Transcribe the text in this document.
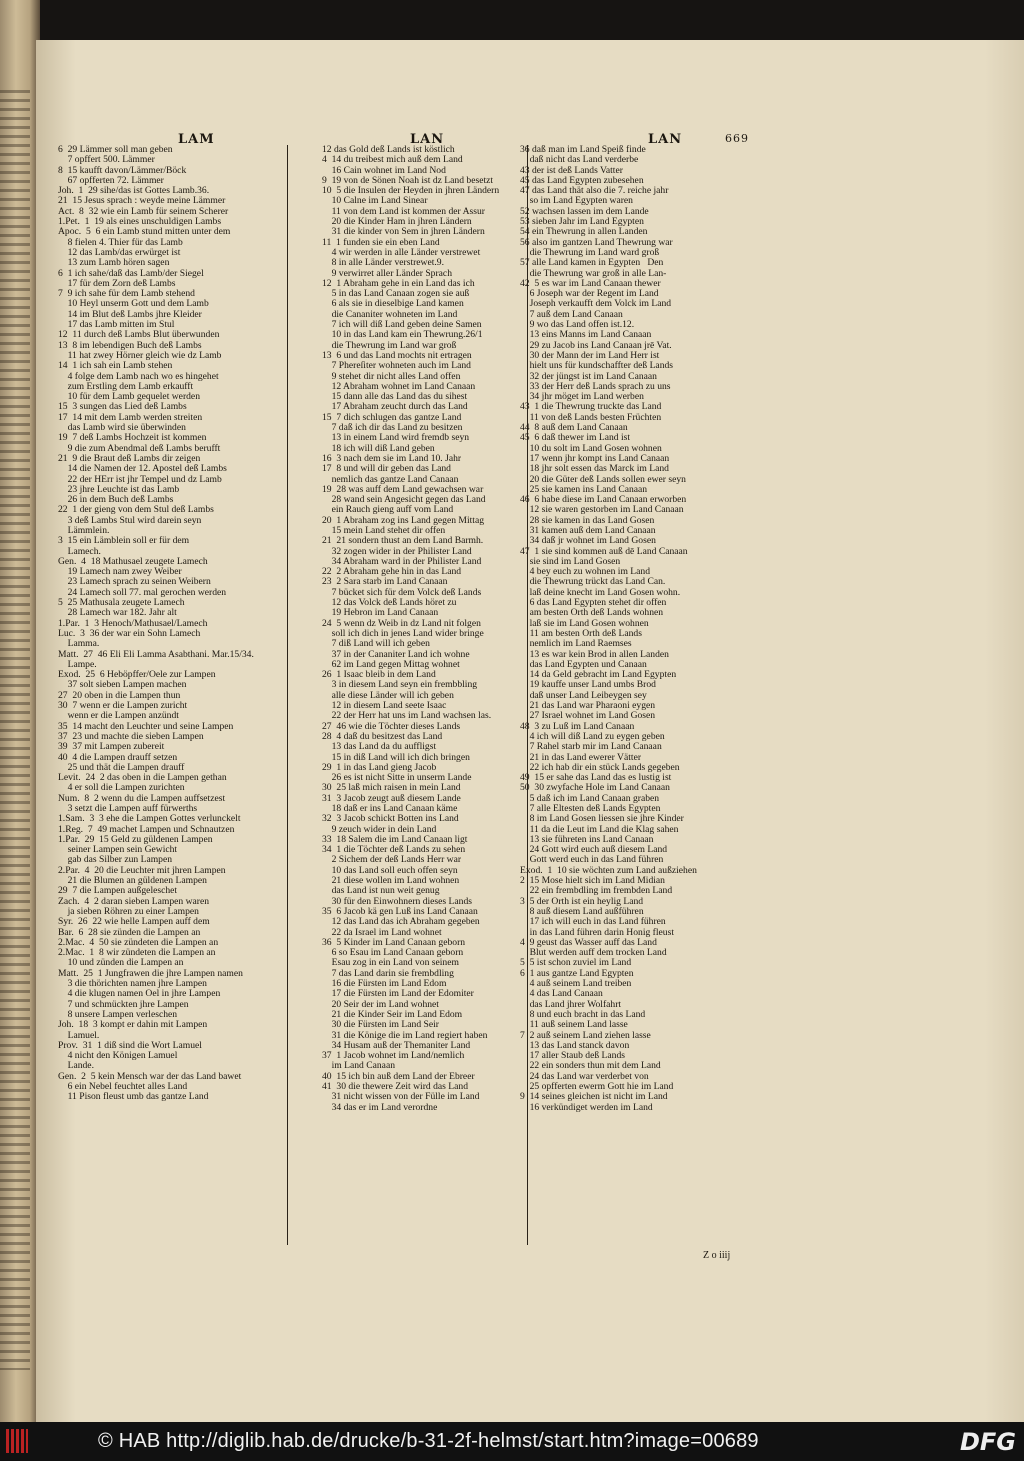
LAM	LAN	LAN	669
6  29 Lämmer soll man geben
7 opffert 500. Lämmer
8  15 kaufft davon/Lämmer/Böck
67 opfferten 72. Lämmer
Joh.  1  29 sihe/das ist Gottes Lamb.36.
21  15 Jesus sprach : weyde meine Lämmer
Act.  8  32 wie ein Lamb für seinem Scherer
1.Pet.  1  19 als eines unschuldigen Lambs
Apoc.  5  6 ein Lamb stund mitten unter dem
8 fielen 4. Thier für das Lamb
12 das Lamb/das erwürget ist
13 zum Lamb hören sagen
6  1 ich sahe/daß das Lamb/der Siegel
17 für dem Zorn deß Lambs
7  9 ich sahe für dem Lamb stehend
10 Heyl unserm Gott und dem Lamb
14 im Blut deß Lambs jhre Kleider
17 das Lamb mitten im Stul
12  11 durch deß Lambs Blut überwunden
13  8 im lebendigen Buch deß Lambs
11 hat zwey Hörner gleich wie dz Lamb
14  1 ich sah ein Lamb stehen
4 folge dem Lamb nach wo es hingehet
zum Erstling dem Lamb erkaufft
10 für dem Lamb gequelet werden
15  3 sungen das Lied deß Lambs
17  14 mit dem Lamb werden streiten
das Lamb wird sie überwinden
19  7 deß Lambs Hochzeit ist kommen
9 die zum Abendmal deß Lambs berufft
21  9 die Braut deß Lambs dir zeigen
14 die Namen der 12. Apostel deß Lambs
22 der HErr ist jhr Tempel und dz Lamb
23 jhre Leuchte ist das Lamb
26 in dem Buch deß Lambs
22  1 der gieng von dem Stul deß Lambs
3 deß Lambs Stul wird darein seyn
Lämmlein.
3  15 ein Lämblein soll er für dem
Lamech.
Gen.  4  18 Mathusael zeugete Lamech
19 Lamech nam zwey Weiber
23 Lamech sprach zu seinen Weibern
24 Lamech soll 77. mal gerochen werden
5  25 Mathusala zeugete Lamech
28 Lamech war 182. Jahr alt
1.Par.  1  3 Henoch/Mathusael/Lamech
Luc.  3  36 der war ein Sohn Lamech
Lamma.
Matt.  27  46 Eli Eli Lamma Asabthani. Mar.15/34.
Lampe.
Exod.  25  6 Heböpffer/Oele zur Lampen
37 solt sieben Lampen machen
27  20 oben in die Lampen thun
30  7 wenn er die Lampen zuricht
wenn er die Lampen anzündt
35  14 macht den Leuchter und seine Lampen
37  23 und machte die sieben Lampen
39  37 mit Lampen zubereit
40  4 die Lampen drauff setzen
25 und thät die Lampen drauff
Levit.  24  2 das oben in die Lampen gethan
4 er soll die Lampen zurichten
Num.  8  2 wenn du die Lampen auffsetzest
3 setzt die Lampen auff fürwerths
1.Sam.  3  3 ehe die Lampen Gottes verlunckelt
1.Reg.  7  49 machet Lampen und Schnautzen
1.Par.  29  15 Geld zu güldenen Lampen
seiner Lampen sein Gewicht
gab das Silber zun Lampen
2.Par.  4  20 die Leuchter mit jhren Lampen
21 die Blumen an güldenen Lampen
29  7 die Lampen außgeleschet
Zach.  4  2 daran sieben Lampen waren
ja sieben Röhren zu einer Lampen
Syr.  26  22 wie helle Lampen auff dem
Bar.  6  28 sie zünden die Lampen an
2.Mac.  4  50 sie zündeten die Lampen an
2.Mac.  1  8 wir zündeten die Lampen an
10 und zünden die Lampen an
Matt.  25  1 Jungfrawen die jhre Lampen namen
3 die thörichten namen jhre Lampen
4 die klugen namen Oel in jhre Lampen
7 und schmückten jhre Lampen
8 unsere Lampen verleschen
Joh.  18  3 kompt er dahin mit Lampen
Lamuel.
Prov.  31  1 diß sind die Wort Lamuel
4 nicht den Königen Lamuel
Lande.
Gen.  2  5 kein Mensch war der das Land bawet
6 ein Nebel feuchtet alles Land
11 Pison fleust umb das gantze Land
12 das Gold deß Lands ist köstlich
4  14 du treibest mich auß dem Land
16 Cain wohnet im Land Nod
9  19 von de Sönen Noah ist dz Land besetzt
10  5 die Insulen der Heyden in jhren Ländern
10 Calne im Land Sinear
11 von dem Land ist kommen der Assur
20 die Kinder Ham in jhren Ländern
31 die kinder von Sem in jhren Ländern
11  1 funden sie ein eben Land
4 wir werden in alle Länder verstrewet
8 in alle Länder verstrewet.9.
9 verwirret aller Länder Sprach
12  1 Abraham gehe in ein Land das ich
5 in das Land Canaan zogen sie auß
6 als sie in dieselbige Land kamen
die Cananiter wohneten im Land
7 ich will diß Land geben deine Samen
10 in das Land kam ein Thewrung.26/1
die Thewrung im Land war groß
13  6 und das Land mochts nit ertragen
7 Phereſiter wohneten auch im Land
9 stehet dir nicht alles Land offen
12 Abraham wohnet im Land Canaan
15 dann alle das Land das du sihest
17 Abraham zeucht durch das Land
15  7 dich schlugen das gantze Land
7 daß ich dir das Land zu besitzen
13 in einem Land wird fremdb seyn
18 ich will diß Land geben
16  3 nach dem sie im Land 10. Jahr
17  8 und will dir geben das Land
nemlich das gantze Land Canaan
19  28 was auff dem Land gewachsen war
28 wand sein Angesicht gegen das Land
ein Rauch gieng auff vom Land
20  1 Abraham zog ins Land gegen Mittag
15 mein Land stehet dir offen
21  21 sondern thust an dem Land Barmh.
32 zogen wider in der Philister Land
34 Abraham ward in der Philister Land
22  2 Abraham gehe hin in das Land
23  2 Sara starb im Land Canaan
7 bücket sich für dem Volck deß Lands
12 das Volck deß Lands höret zu
19 Hebron im Land Canaan
24  5 wenn dz Weib in dz Land nit folgen
soll ich dich in jenes Land wider bringe
7 diß Land will ich geben
37 in der Cananiter Land ich wohne
62 im Land gegen Mittag wohnet
26  1 Isaac bleib in dem Land
3 in diesem Land seyn ein frembbling
alle diese Länder will ich geben
12 in diesem Land seete Isaac
22 der Herr hat uns im Land wachsen las.
27  46 wie die Töchter dieses Lands
28  4 daß du besitzest das Land
13 das Land da du auffligst
15 in diß Land will ich dich bringen
29  1 in das Land gieng Jacob
26 es ist nicht Sitte in unserm Lande
30  25 laß mich raisen in mein Land
31  3 Jacob zeugt auß diesem Lande
18 daß er ins Land Canaan käme
32  3 Jacob schickt Botten ins Land
9 zeuch wider in dein Land
33  18 Salem die im Land Canaan ligt
34  1 die Töchter deß Lands zu sehen
2 Sichem der deß Lands Herr war
10 das Land soll euch offen seyn
21 diese wollen im Land wohnen
das Land ist nun weit genug
30 für den Einwohnern dieses Lands
35  6 Jacob kä gen Luß ins Land Canaan
12 das Land das ich Abraham gegeben
22 da Israel im Land wohnet
36  5 Kinder im Land Canaan geborn
6 so Esau im Land Canaan geborn
Esau zog in ein Land von seinem
7 das Land darin sie frembdling
16 die Fürsten im Land Edom
17 die Fürsten im Land der Edomiter
20 Seir der im Land wohnet
21 die Kinder Seir im Land Edom
30 die Fürsten im Land Seir
31 die Könige die im Land regiert haben
34 Husam auß der Themaniter Land
37  1 Jacob wohnet im Land/nemlich
im Land Canaan
40  15 ich bin auß dem Land der Ebreer
41  30 die thewere Zeit wird das Land
31 nicht wissen von der Fülle im Land
34 das er im Land verordne
36 daß man im Land Speiß finde
daß nicht das Land verderbe
43 der ist deß Lands Vatter
45 das Land Egypten zubesehen
47 das Land thät also die 7. reiche jahr
so im Land Egypten waren
52 wachsen lassen im dem Lande
53 sieben Jahr im Land Egypten
54 ein Thewrung in allen Landen
56 also im gantzen Land Thewrung war
die Thewrung im Land ward groß
57 alle Land kamen in Egypten   Den
die Thewrung war groß in alle Lan-
42  5 es war im Land Canaan thewer
6 Joseph war der Regent im Land
Joseph verkaufft dem Volck im Land
7 auß dem Land Canaan
9 wo das Land offen ist.12.
13 eins Manns im Land Canaan
29 zu Jacob ins Land Canaan jrē Vat.
30 der Mann der im Land Herr ist
hielt uns für kundschaffter deß Lands
32 der jüngst ist im Land Canaan
33 der Herr deß Lands sprach zu uns
34 jhr möget im Land werben
43  1 die Thewrung truckte das Land
11 von deß Lands besten Früchten
44  8 auß dem Land Canaan
45  6 daß thewer im Land ist
10 du solt im Land Gosen wohnen
17 wenn jhr kompt ins Land Canaan
18 jhr solt essen das Marck im Land
20 die Güter deß Lands sollen ewer seyn
25 sie kamen ins Land Canaan
46  6 habe diese im Land Canaan erworben
12 sie waren gestorben im Land Canaan
28 sie kamen in das Land Gosen
31 kamen auß dem Land Canaan
34 daß jr wohnet im Land Gosen
47  1 sie sind kommen auß dē Land Canaan
sie sind im Land Gosen
4 bey euch zu wohnen im Land
die Thewrung trückt das Land Can.
laß deine knecht im Land Gosen wohn.
6 das Land Egypten stehet dir offen
am besten Orth deß Lands wohnen
laß sie im Land Gosen wohnen
11 am besten Orth deß Lands
nemlich im Land Raemses
13 es war kein Brod in allen Landen
das Land Egypten und Canaan
14 da Geld gebracht im Land Egypten
19 kauffe unser Land umbs Brod
daß unser Land Leibeygen sey
21 das Land war Pharaoni eygen
27 Israel wohnet im Land Gosen
48  3 zu Luß im Land Canaan
4 ich will diß Land zu eygen geben
7 Rahel starb mir im Land Canaan
21 in das Land ewerer Vätter
22 ich hab dir ein stück Lands gegeben
49  15 er sahe das Land das es lustig ist
50  30 zwyfache Hole im Land Canaan
5 daß ich im Land Canaan graben
7 alle Eltesten deß Lands Egypten
8 im Land Gosen liessen sie jhre Kinder
11 da die Leut im Land die Klag sahen
13 sie führeten ins Land Canaan
24 Gott wird euch auß diesem Land
Gott werd euch in das Land führen
Exod.  1  10 sie wöchten zum Land außziehen
2  15 Mose hielt sich im Land Midian
22 ein frembdling im frembden Land
3  5 der Orth ist ein heylig Land
8 auß diesem Land außführen
17 ich will euch in das Land führen
in das Land führen darin Honig fleust
4  9 geust das Wasser auff das Land
Blut werden auff dem trocken Land
5  5 ist schon zuviel im Land
6  1 aus gantze Land Egypten
4 auß seinem Land treiben
4 das Land Canaan
das Land jhrer Wolfahrt
8 und euch bracht in das Land
11 auß seinem Land lasse
7  2 auß seinem Land ziehen lasse
13 das Land stanck davon
17 aller Staub deß Lands
22 ein sonders thun mit dem Land
24 das Land war verderbet von
25 opfferten ewerm Gott hie im Land
9  14 seines gleichen ist nicht im Land
16 verkündiget werden im Land
Z o iiij
© HAB http://diglib.hab.de/drucke/b-31-2f-helmst/start.htm?image=00689	DFG
